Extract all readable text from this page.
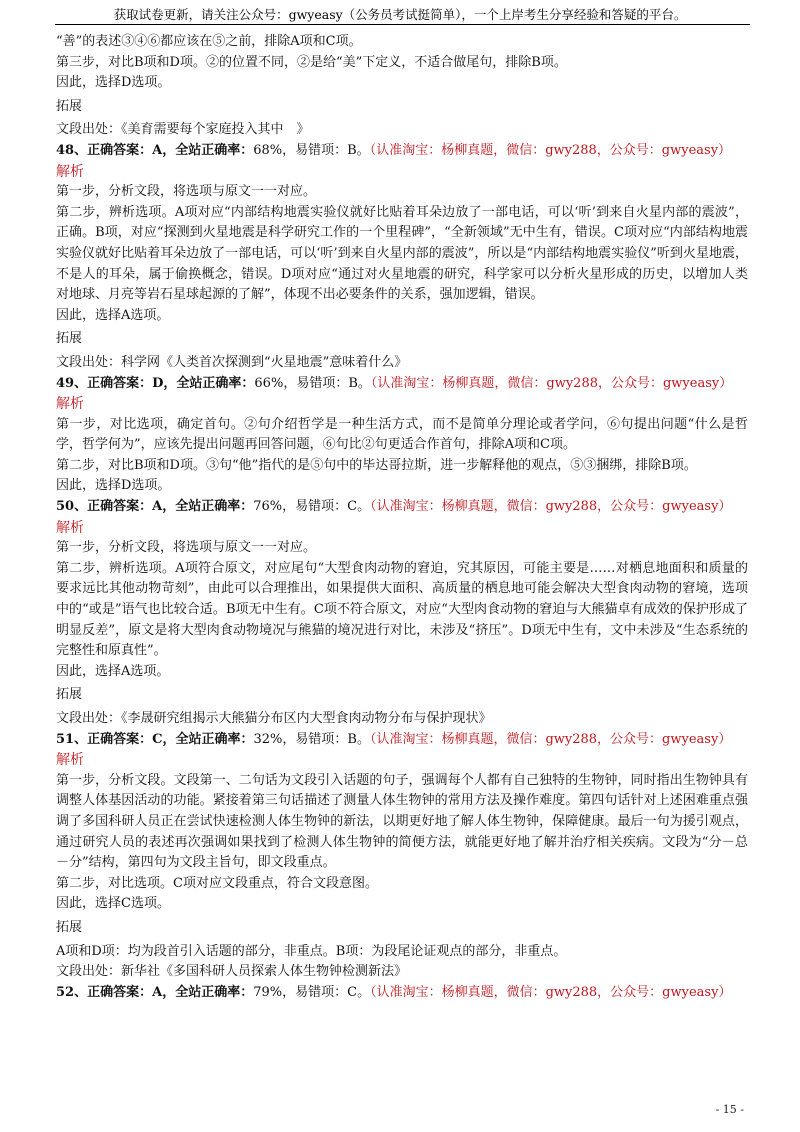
获取试卷更新，请关注公众号：gwyeasy（公务员考试挺简单），一个上岸考生分享经验和答疑的平台。

“善”的表述③④⑥都应该在⑤之前，排除A项和C项。

第三步，对比B项和D项。②的位置不同，②是给“美”下定义，不适合做尾句，排除B项。

因此，选择D选项。

拓展

文段出处：《美育需要每个家庭投入其中　》

48、正确答案：A，全站正确率：68%，易错项：B。（认准淘宝：杨柳真题，微信：gwy288，公众号：gwyeasy）

解析

第一步，分析文段，将选项与原文一一对应。

第二步，辨析选项。A项对应“内部结构地震实验仪就好比贴着耳朵边放了一部电话，可以‘听’到来自火星内部的震波”，正确。B项，对应“探测到火星地震是科学研究工作的一个里程碑”，“全新领域”无中生有，错误。C项对应“内部结构地震实验仪就好比贴着耳朵边放了一部电话，可以‘听’到来自火星内部的震波”，所以是“内部结构地震实验仪”听到火星地震，不是人的耳朵，属于偷换概念，错误。D项对应“通过对火星地震的研究，科学家可以分析火星形成的历史，以增加人类对地球、月亮等岩石星球起源的了解”，体现不出必要条件的关系，强加逻辑，错误。

因此，选择A选项。

拓展

文段出处：科学网《人类首次探测到“火星地震”意味着什么》

49、正确答案：D，全站正确率：66%，易错项：B。（认准淘宝：杨柳真题，微信：gwy288，公众号：gwyeasy）

解析

第一步，对比选项，确定首句。②句介绍哲学是一种生活方式，而不是简单分理论或者学问，⑥句提出问题“什么是哲学，哲学何为”，应该先提出问题再回答问题，⑥句比②句更适合作首句，排除A项和C项。

第二步，对比B项和D项。③句“他”指代的是⑤句中的毕达哥拉斯，进一步解释他的观点，⑤③捆绑，排除B项。

因此，选择D选项。

50、正确答案：A，全站正确率：76%，易错项：C。（认准淘宝：杨柳真题，微信：gwy288，公众号：gwyeasy）

解析

第一步，分析文段，将选项与原文一一对应。

第二步，辨析选项。A项符合原文，对应尾句“大型食肉动物的窘迫，究其原因，可能主要是……对栖息地面积和质量的要求远比其他动物苛刻”，由此可以合理推出，如果提供大面积、高质量的栖息地可能会解决大型食肉动物的窘境，选项中的“或是”语气也比较合适。B项无中生有。C项不符合原文，对应“大型肉食动物的窘迫与大熊猫卓有成效的保护形成了明显反差”，原文是将大型肉食动物境况与熊猫的境况进行对比，未涉及“挤压”。D项无中生有，文中未涉及“生态系统的完整性和原真性”。

因此，选择A选项。

拓展

文段出处：《李晟研究组揭示大熊猫分布区内大型食肉动物分布与保护现状》

51、正确答案：C，全站正确率：32%，易错项：B。（认准淘宝：杨柳真题，微信：gwy288，公众号：gwyeasy）

解析

第一步，分析文段。文段第一、二句话为文段引入话题的句子，强调每个人都有自己独特的生物钟，同时指出生物钟具有调整人体基因活动的功能。紧接着第三句话描述了测量人体生物钟的常用方法及操作难度。第四句话针对上述困难重点强调了多国科研人员正在尝试快速检测人体生物钟的新法，以期更好地了解人体生物钟，保障健康。最后一句为援引观点，通过研究人员的表述再次强调如果找到了检测人体生物钟的简便方法，就能更好地了解并治疗相关疾病。文段为“分－总－分”结构，第四句为文段主旨句，即文段重点。

第二步，对比选项。C项对应文段重点，符合文段意图。

因此，选择C选项。

拓展

A项和D项：均为段首引入话题的部分，非重点。B项：为段尾论证观点的部分，非重点。

文段出处：新华社《多国科研人员探索人体生物钟检测新法》

52、正确答案：A，全站正确率：79%，易错项：C。（认准淘宝：杨柳真题，微信：gwy288，公众号：gwyeasy）

- 15 -
